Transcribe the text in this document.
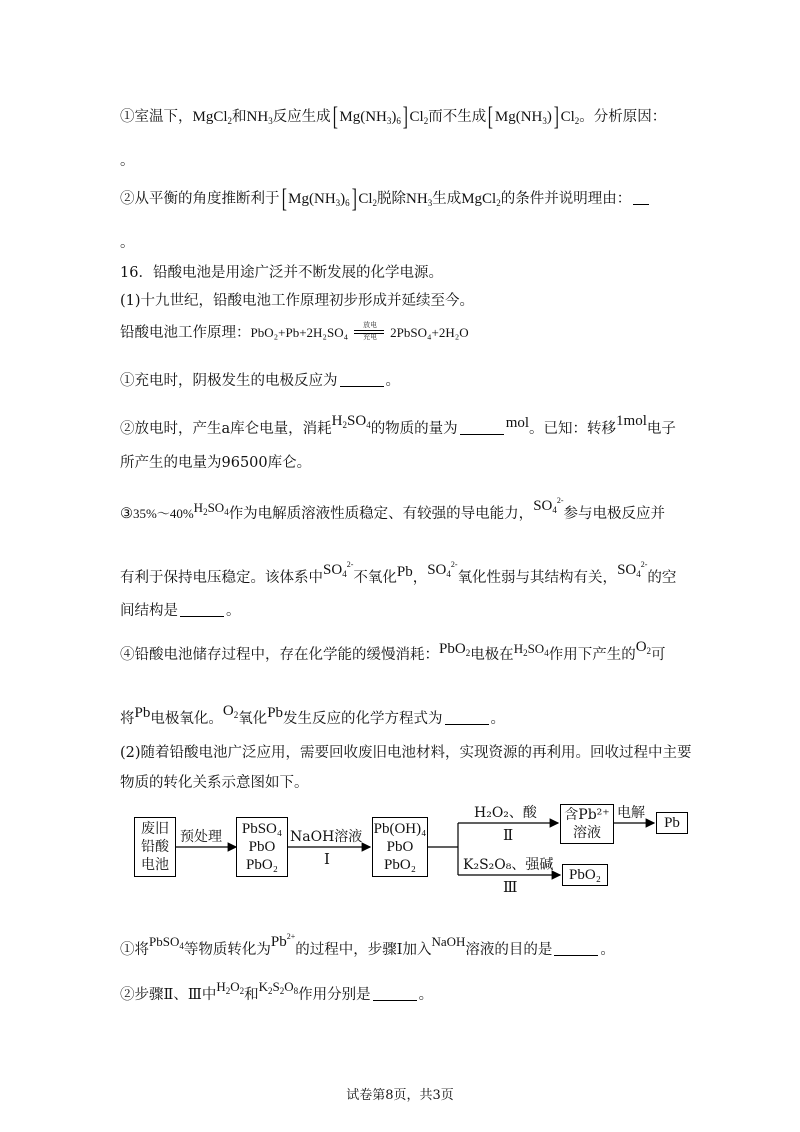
①室温下，MgCl$_2$和$NH_3$反应生成[ $Mg(NH_3)_6$] $Cl_2$而不生成[ $Mg(NH_3)$] $Cl_2$。分析原因：
。
②从平衡的角度推断利于[ $Mg(NH_3)_6$] $Cl_2$脱除$NH_3$生成MgCl$_2$的条件并说明理由：
。
16．铅酸电池是用途广泛并不断发展的化学电源。
(1)十九世纪，铅酸电池工作原理初步形成并延续至今。
铅酸电池工作原理：PbO₂+Pb+2H₂SO₄ 放电
充电 2PbSO₄+2H₂O
①充电时，阴极发生的电极反应为	。
②放电时，产生a库仑电量，消耗$H_2SO_4$的物质的量为	mol。已知：转移1mol电子
所产生的电量为96500库仑。
$③35\%\sim 40\%H_2SO_4$作为电解质溶液性质稳定、有较强的导电能力，$SO_4^{2-}$参与电极反应并
有利于保持电压稳定。该体系中$SO_4^{2-}$不氧化Pb，$SO_4^{2-}$氧化性弱与其结构有关，$SO_4^{2-}$的空
间结构是	。
④铅酸电池储存过程中，存在化学能的缓慢消耗：PbO$_2$电极在$H_2SO_4$作用下产生的$O_2$可
将Pb电极氧化。$O_2$氧化Pb发生反应的化学方程式为	。
(2)随着铅酸电池广泛应用，需要回收废旧电池材料，实现资源的再利用。回收过程中主要
物质的转化关系示意图如下。
废旧
铅酸
电池
预处理	PbSO₄
PbO
PbO₂
NaOH溶液
Ⅰ
Pb(OH)₄
PbO
PbO₂
H₂O₂、酸
Ⅱ
含Pb²⁺
溶液
电解
Pb
K₂S₂O₈、强碱
Ⅲ
PbO₂
①将PbSO$_4$等物质转化为$Pb^{2+}$的过程中，步骤Ⅰ加入NaOH溶液的目的是	。
②步骤Ⅱ、Ⅲ中$H_2O_2$和$K_2S_2O_8$作用分别是	。
试卷第8页，共3页
